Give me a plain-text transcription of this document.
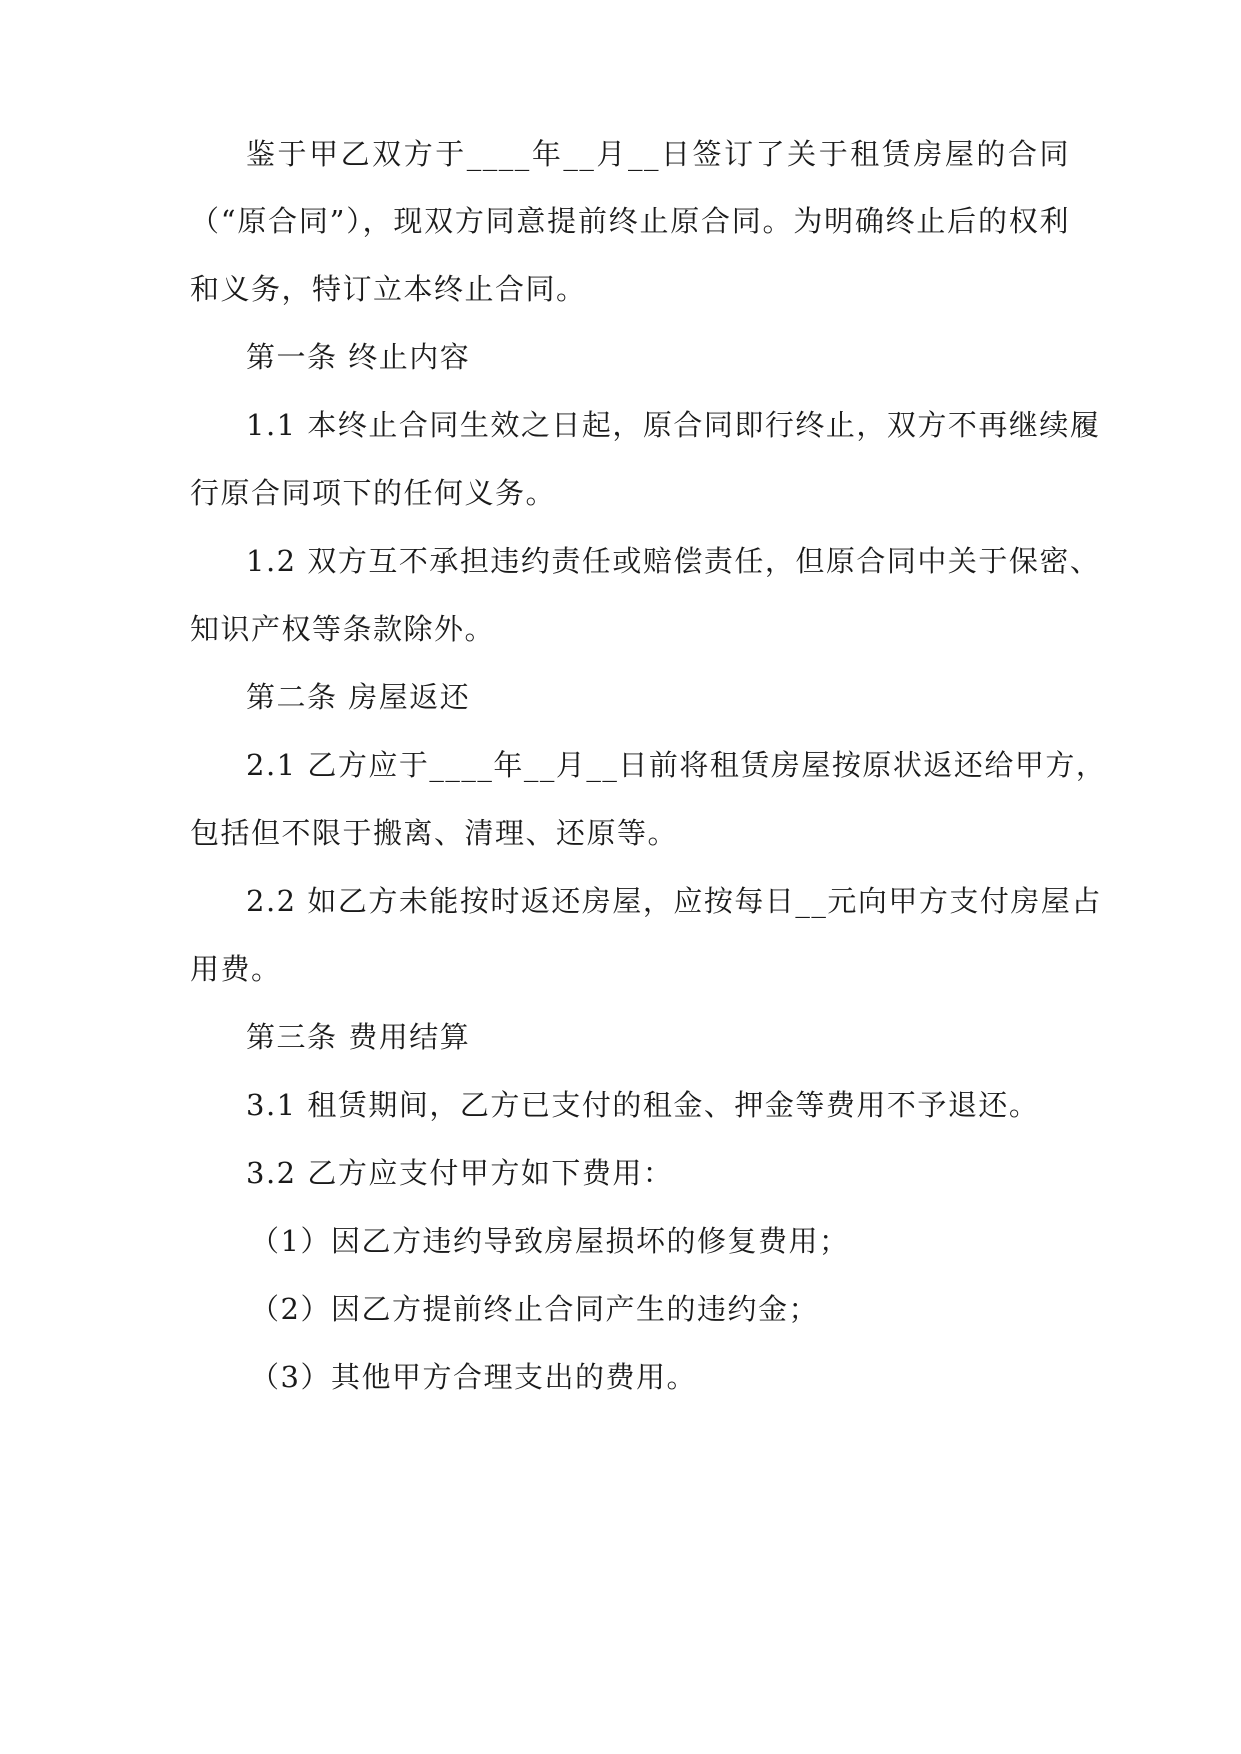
鉴于甲乙双方于____年__月__日签订了关于租赁房屋的合同
（“原合同”），现双方同意提前终止原合同。为明确终止后的权利
和义务，特订立本终止合同。
第一条 终止内容
1.1 本终止合同生效之日起，原合同即行终止，双方不再继续履
行原合同项下的任何义务。
1.2 双方互不承担违约责任或赔偿责任，但原合同中关于保密、
知识产权等条款除外。
第二条 房屋返还
2.1 乙方应于____年__月__日前将租赁房屋按原状返还给甲方，
包括但不限于搬离、清理、还原等。
2.2 如乙方未能按时返还房屋，应按每日__元向甲方支付房屋占
用费。
第三条 费用结算
3.1 租赁期间，乙方已支付的租金、押金等费用不予退还。
3.2 乙方应支付甲方如下费用：
（1）因乙方违约导致房屋损坏的修复费用；
（2）因乙方提前终止合同产生的违约金；
（3）其他甲方合理支出的费用。
